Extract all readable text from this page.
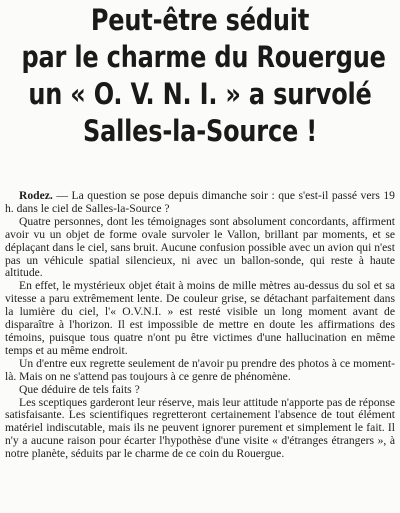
Peut-être séduit
par le charme du Rouergue
un « O. V. N. I. » a survolé
Salles-la-Source !

Rodez. — La question se pose depuis dimanche soir : que s'est-il passé vers 19 h. dans le ciel de Salles-la-Source ?

Quatre personnes, dont les témoignages sont absolument concordants, affirment avoir vu un objet de forme ovale survoler le Vallon, brillant par moments, et se déplaçant dans le ciel, sans bruit. Aucune confusion possible avec un avion qui n'est pas un véhicule spatial silencieux, ni avec un ballon-sonde, qui reste à haute altitude.

En effet, le mystérieux objet était à moins de mille mètres au-dessus du sol et sa vitesse a paru extrêmement lente. De couleur grise, se détachant parfaitement dans la lumière du ciel, l'« O.V.N.I. » est resté visible un long moment avant de disparaître à l'horizon. Il est impossible de mettre en doute les affirmations des témoins, puisque tous quatre n'ont pu être victimes d'une hallucination en même temps et au même endroit.

Un d'entre eux regrette seulement de n'avoir pu prendre des photos à ce moment-là. Mais on ne s'attend pas toujours à ce genre de phénomène.

Que déduire de tels faits ?

Les sceptiques garderont leur réserve, mais leur attitude n'apporte pas de réponse satisfaisante. Les scientifiques regretteront certainement l'absence de tout élément matériel indiscutable, mais ils ne peuvent ignorer purement et simplement le fait. Il n'y a aucune raison pour écarter l'hypothèse d'une visite « d'étranges étrangers », à notre planète, séduits par le charme de ce coin du Rouergue.
